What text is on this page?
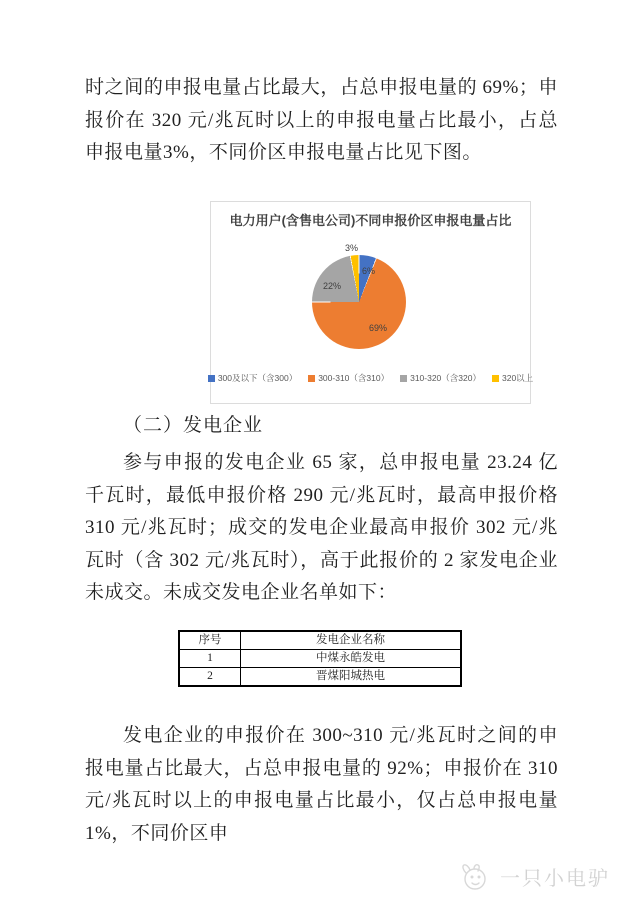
时之间的申报电量占比最大，占总申报电量的 69%；申报价在 320 元/兆瓦时以上的申报电量占比最小，占总申报电量3%，不同价区申报电量占比见下图。

电力用户(含售电公司)不同申报价区申报电量占比
3%
6%
69%
22%
300及以下（含300） 300-310（含310） 310-320（含320） 320以上

（二）发电企业

参与申报的发电企业 65 家，总申报电量 23.24 亿千瓦时，最低申报价格 290 元/兆瓦时，最高申报价格 310 元/兆瓦时；成交的发电企业最高申报价 302 元/兆瓦时（含 302 元/兆瓦时），高于此报价的 2 家发电企业未成交。未成交发电企业名单如下：

序号	发电企业名称
1	中煤永皓发电
2	晋煤阳城热电

发电企业的申报价在 300~310 元/兆瓦时之间的申报电量占比最大，占总申报电量的 92%；申报价在 310 元/兆瓦时以上的申报电量占比最小，仅占总申报电量 1%，不同价区申

一只小电驴
